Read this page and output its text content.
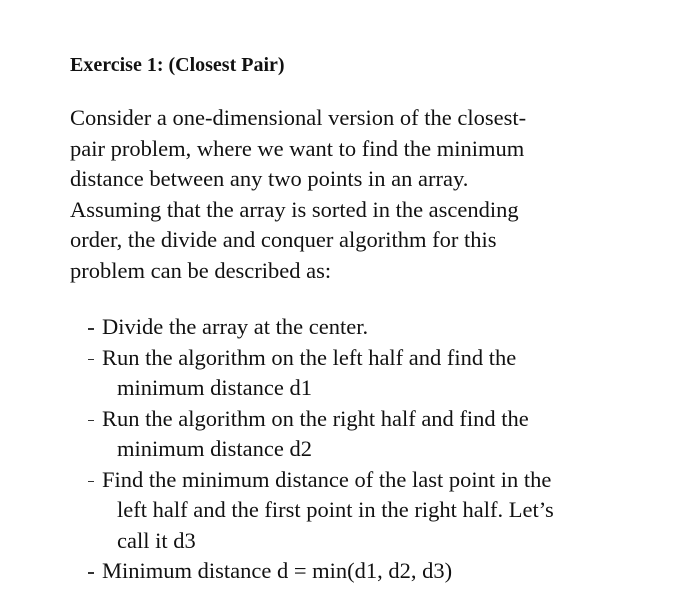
Exercise 1: (Closest Pair)
Consider a one-dimensional version of the closest-
pair problem, where we want to find the minimum
distance between any two points in an array.
Assuming that the array is sorted in the ascending
order, the divide and conquer algorithm for this
problem can be described as:
Divide the array at the center.
Run the algorithm on the left half and find the
minimum distance d1
Run the algorithm on the right half and find the
minimum distance d2
Find the minimum distance of the last point in the
left half and the first point in the right half. Let’s
call it d3
Minimum distance d = min(d1, d2, d3)
